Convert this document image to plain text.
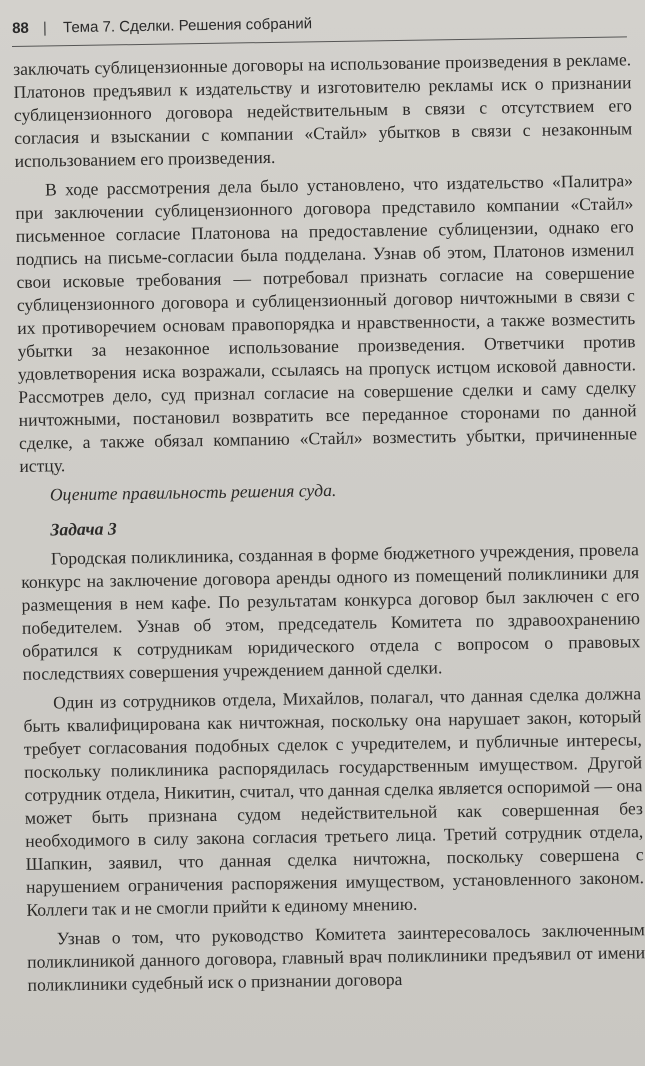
88 | Тема 7. Сделки. Решения собраний

заключать сублицензионные договоры на использование произведения в рекламе. Платонов предъявил к издательству и изготовителю рекламы иск о признании сублицензионного договора недействительным в связи с отсутствием его согласия и взыскании с компании «Стайл» убытков в связи с незаконным использованием его произведения.

В ходе рассмотрения дела было установлено, что издательство «Палитра» при заключении сублицензионного договора представило компании «Стайл» письменное согласие Платонова на предоставление сублицензии, однако его подпись на письме-согласии была подделана. Узнав об этом, Платонов изменил свои исковые требования — потребовал признать согласие на совершение сублицензионного договора и сублицензионный договор ничтожными в связи с их противоречием основам правопорядка и нравственности, а также возместить убытки за незаконное использование произведения. Ответчики против удовлетворения иска возражали, ссылаясь на пропуск истцом исковой давности. Рассмотрев дело, суд признал согласие на совершение сделки и саму сделку ничтожными, постановил возвратить все переданное сторонами по данной сделке, а также обязал компанию «Стайл» возместить убытки, причиненные истцу.

Оцените правильность решения суда.

Задача 3

Городская поликлиника, созданная в форме бюджетного учреждения, провела конкурс на заключение договора аренды одного из помещений поликлиники для размещения в нем кафе. По результатам конкурса договор был заключен с его победителем. Узнав об этом, председатель Комитета по здравоохранению обратился к сотрудникам юридического отдела с вопросом о правовых последствиях совершения учреждением данной сделки.

Один из сотрудников отдела, Михайлов, полагал, что данная сделка должна быть квалифицирована как ничтожная, поскольку она нарушает закон, который требует согласования подобных сделок с учредителем, и публичные интересы, поскольку поликлиника распорядилась государственным имуществом. Другой сотрудник отдела, Никитин, считал, что данная сделка является оспоримой — она может быть признана судом недействительной как совершенная без необходимого в силу закона согласия третьего лица. Третий сотрудник отдела, Шапкин, заявил, что данная сделка ничтожна, поскольку совершена с нарушением ограничения распоряжения имуществом, установленного законом. Коллеги так и не смогли прийти к единому мнению.

Узнав о том, что руководство Комитета заинтересовалось заключенным поликлиникой данного договора, главный врач поликлиники предъявил от имени поликлиники судебный иск о признании договора
